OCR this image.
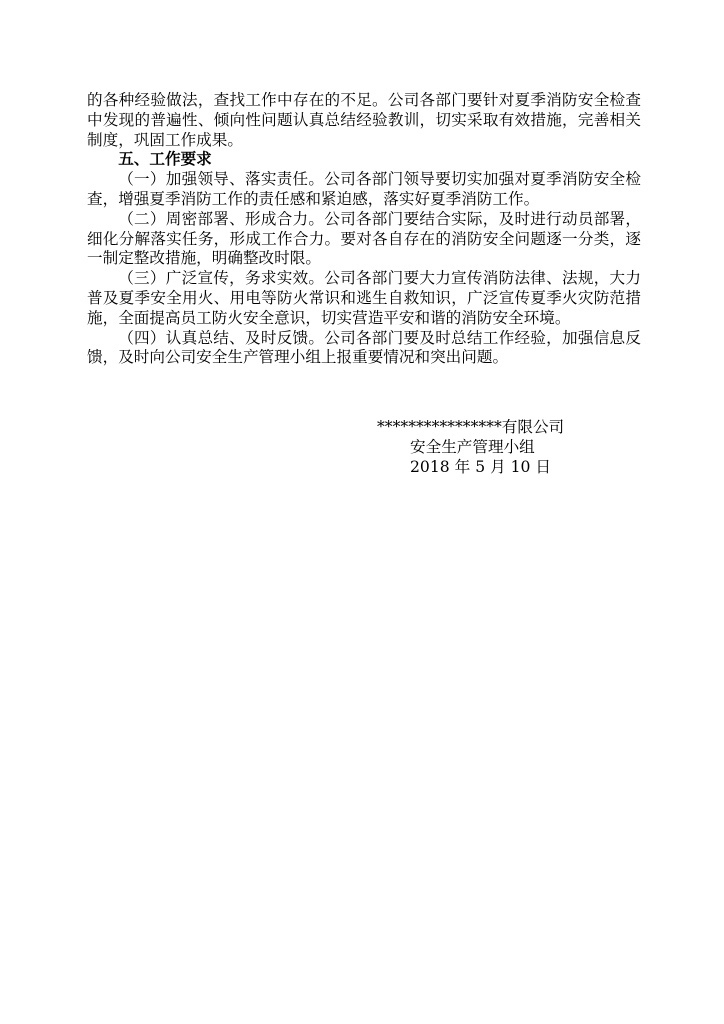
的各种经验做法，查找工作中存在的不足。公司各部门要针对夏季消防安全检查中发现的普遍性、倾向性问题认真总结经验教训，切实采取有效措施，完善相关制度，巩固工作成果。

五、工作要求

（一）加强领导、落实责任。公司各部门领导要切实加强对夏季消防安全检查，增强夏季消防工作的责任感和紧迫感，落实好夏季消防工作。

（二）周密部署、形成合力。公司各部门要结合实际，及时进行动员部署，细化分解落实任务，形成工作合力。要对各自存在的消防安全问题逐一分类，逐一制定整改措施，明确整改时限。

（三）广泛宣传，务求实效。公司各部门要大力宣传消防法律、法规，大力普及夏季安全用火、用电等防火常识和逃生自救知识，广泛宣传夏季火灾防范措施，全面提高员工防火安全意识，切实营造平安和谐的消防安全环境。

（四）认真总结、及时反馈。公司各部门要及时总结工作经验，加强信息反馈，及时向公司安全生产管理小组上报重要情况和突出问题。

****************有限公司

安全生产管理小组

2018 年 5 月 10 日
